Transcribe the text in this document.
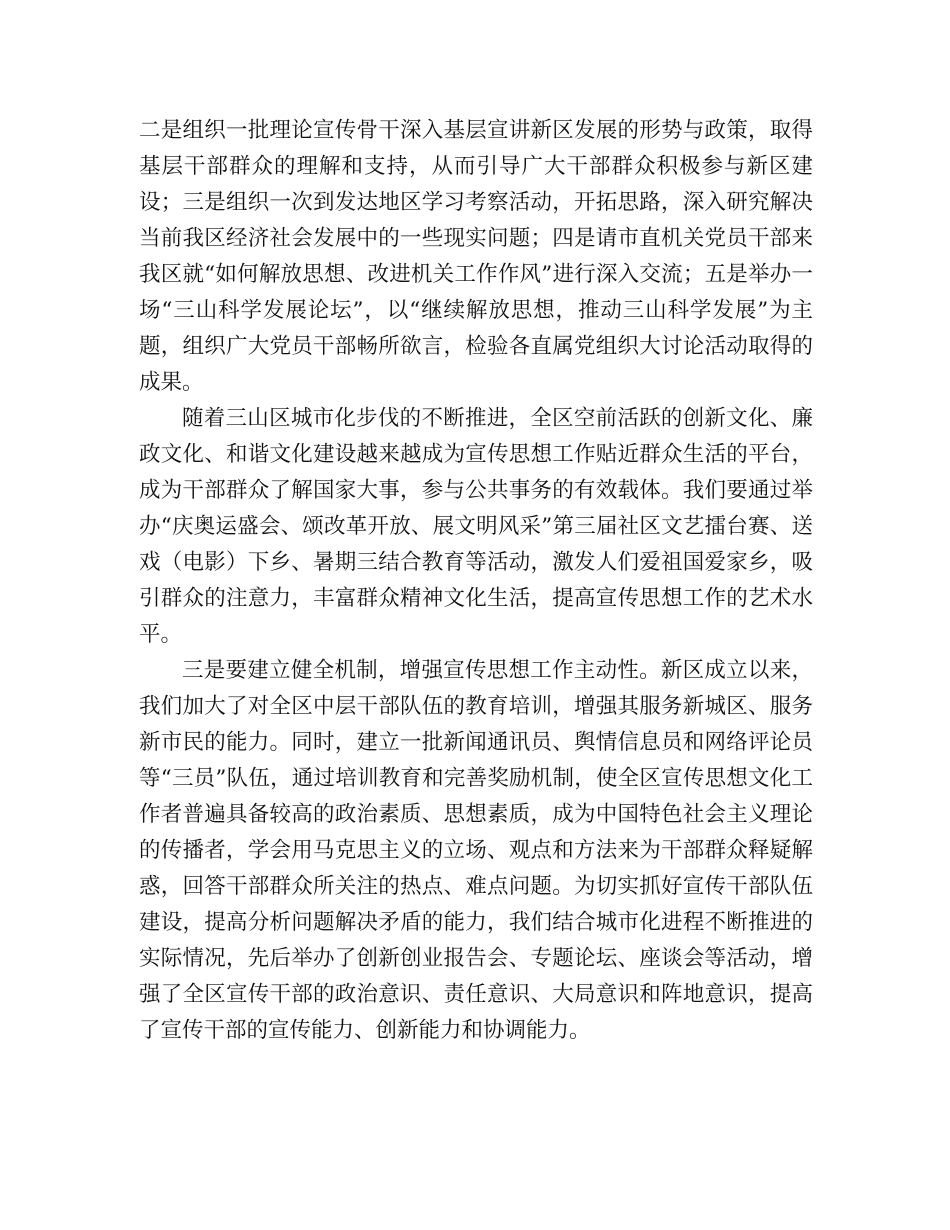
二是组织一批理论宣传骨干深入基层宣讲新区发展的形势与政策，取得基层干部群众的理解和支持，从而引导广大干部群众积极参与新区建设；三是组织一次到发达地区学习考察活动，开拓思路，深入研究解决当前我区经济社会发展中的一些现实问题；四是请市直机关党员干部来我区就“如何解放思想、改进机关工作作风”进行深入交流；五是举办一场“三山科学发展论坛”，以“继续解放思想，推动三山科学发展”为主题，组织广大党员干部畅所欲言，检验各直属党组织大讨论活动取得的成果。

随着三山区城市化步伐的不断推进，全区空前活跃的创新文化、廉政文化、和谐文化建设越来越成为宣传思想工作贴近群众生活的平台，成为干部群众了解国家大事，参与公共事务的有效载体。我们要通过举办“庆奥运盛会、颂改革开放、展文明风采”第三届社区文艺擂台赛、送戏（电影）下乡、暑期三结合教育等活动，激发人们爱祖国爱家乡，吸引群众的注意力，丰富群众精神文化生活，提高宣传思想工作的艺术水平。

三是要建立健全机制，增强宣传思想工作主动性。新区成立以来，我们加大了对全区中层干部队伍的教育培训，增强其服务新城区、服务新市民的能力。同时，建立一批新闻通讯员、舆情信息员和网络评论员等“三员”队伍，通过培训教育和完善奖励机制，使全区宣传思想文化工作者普遍具备较高的政治素质、思想素质，成为中国特色社会主义理论的传播者，学会用马克思主义的立场、观点和方法来为干部群众释疑解惑，回答干部群众所关注的热点、难点问题。为切实抓好宣传干部队伍建设，提高分析问题解决矛盾的能力，我们结合城市化进程不断推进的实际情况，先后举办了创新创业报告会、专题论坛、座谈会等活动，增强了全区宣传干部的政治意识、责任意识、大局意识和阵地意识，提高了宣传干部的宣传能力、创新能力和协调能力。
